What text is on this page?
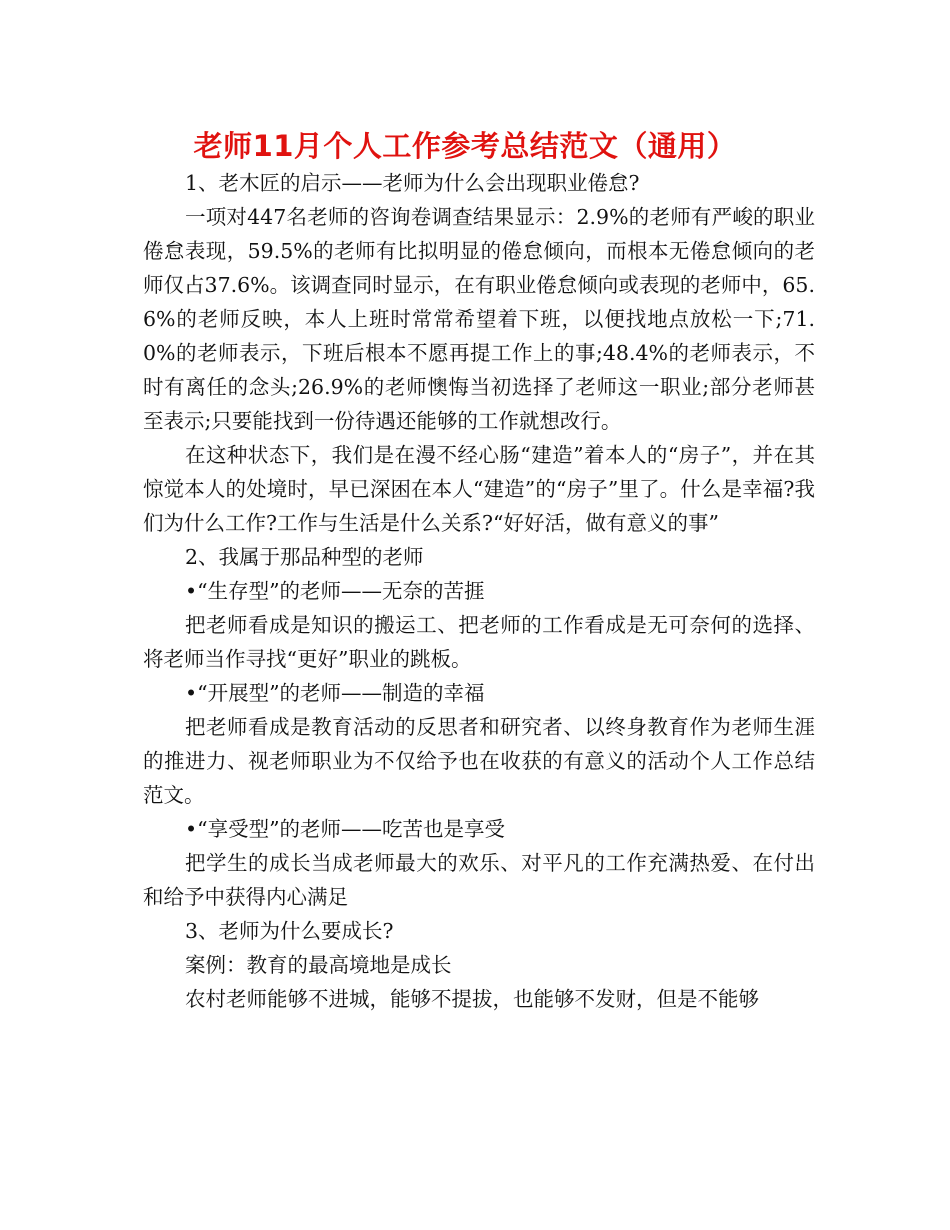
老师11月个人工作参考总结范文（通用）

1、老木匠的启示——老师为什么会出现职业倦怠?

一项对447名老师的咨询卷调查结果显示：2.9%的老师有严峻的职业倦怠表现，59.5%的老师有比拟明显的倦怠倾向，而根本无倦怠倾向的老师仅占37.6%。该调查同时显示，在有职业倦怠倾向或表现的老师中，65.6%的老师反映，本人上班时常常希望着下班，以便找地点放松一下;71.0%的老师表示，下班后根本不愿再提工作上的事;48.4%的老师表示，不时有离任的念头;26.9%的老师懊悔当初选择了老师这一职业;部分老师甚至表示;只要能找到一份待遇还能够的工作就想改行。

在这种状态下，我们是在漫不经心肠“建造”着本人的“房子”，并在其惊觉本人的处境时，早已深困在本人“建造”的“房子”里了。什么是幸福?我们为什么工作?工作与生活是什么关系?“好好活，做有意义的事”

2、我属于那品种型的老师

•“生存型”的老师——无奈的苦捱

把老师看成是知识的搬运工、把老师的工作看成是无可奈何的选择、将老师当作寻找“更好”职业的跳板。

•“开展型”的老师——制造的幸福

把老师看成是教育活动的反思者和研究者、以终身教育作为老师生涯的推进力、视老师职业为不仅给予也在收获的有意义的活动个人工作总结范文。

•“享受型”的老师——吃苦也是享受

把学生的成长当成老师最大的欢乐、对平凡的工作充满热爱、在付出和给予中获得内心满足

3、老师为什么要成长?

案例：教育的最高境地是成长

农村老师能够不进城，能够不提拔，也能够不发财，但是不能够
